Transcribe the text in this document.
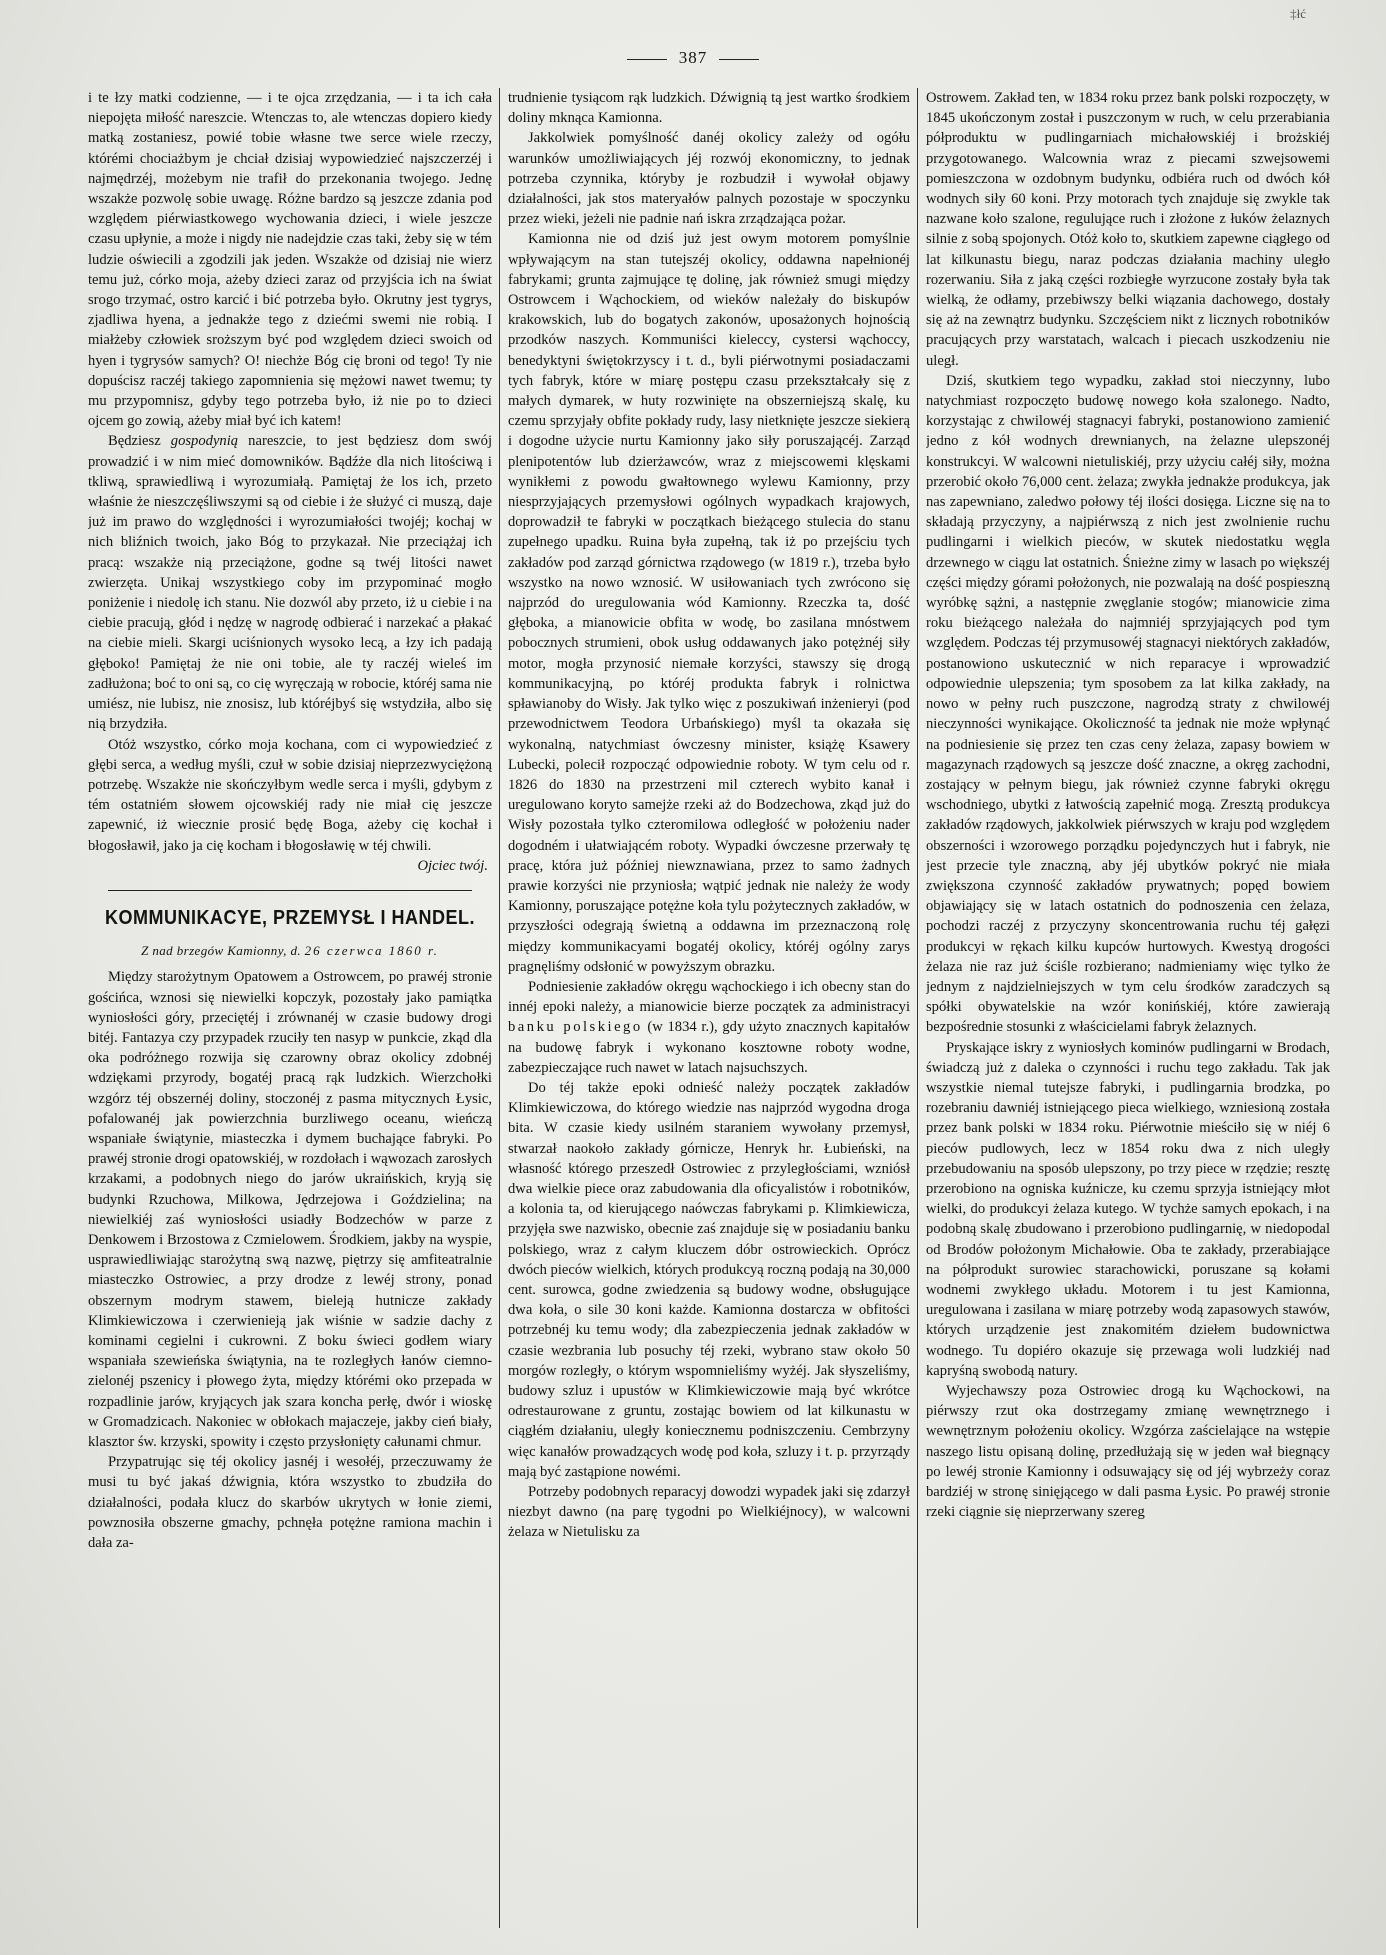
‡łć
387

i te łzy matki codzienne, — i te ojca zrzędzania, — i ta ich cała niepojęta miłość nareszcie. Wtenczas to, ale wtenczas dopiero kiedy matką zostaniesz, powié tobie własne twe serce wiele rzeczy, którémi chociażbym je chciał dzisiaj wypowiedzieć najszczerzéj i najmędrzéj, możebym nie trafił do przekonania twojego. Jednę wszakże pozwolę sobie uwagę. Różne bardzo są jeszcze zdania pod względem piérwiastkowego wychowania dzieci, i wiele jeszcze czasu upłynie, a może i nigdy nie nadejdzie czas taki, żeby się w tém ludzie oświecili a zgodzili jak jeden. Wszakże od dzisiaj nie wierz temu już, córko moja, ażeby dzieci zaraz od przyjścia ich na świat srogo trzymać, ostro karcić i bić potrzeba było. Okrutny jest tygrys, zjadliwa hyena, a jednakże tego z dziećmi swemi nie robią. I miałżeby człowiek sroższym być pod względem dzieci swoich od hyen i tygrysów samych? O! niechże Bóg cię broni od tego! Ty nie dopuścisz raczéj takiego zapomnienia się mężowi nawet twemu; ty mu przypomnisz, gdyby tego potrzeba było, iż nie po to dzieci ojcem go zowią, ażeby miał być ich katem!

Będziesz gospodynią nareszcie, to jest będziesz dom swój prowadzić i w nim mieć domowników. Bądźże dla nich litościwą i tkliwą, sprawiedliwą i wyrozumiałą. Pamiętaj że los ich, przeto właśnie że nieszczęśliwszymi są od ciebie i że służyć ci muszą, daje już im prawo do względności i wyrozumiałości twojéj; kochaj w nich bliźnich twoich, jako Bóg to przykazał. Nie przeciążaj ich pracą: wszakże nią przeciążone, godne są twéj litości nawet zwierzęta. Unikaj wszystkiego coby im przypominać mogło poniżenie i niedolę ich stanu. Nie dozwól aby przeto, iż u ciebie i na ciebie pracują, głód i nędzę w nagrodę odbierać i narzekać a płakać na ciebie mieli. Skargi uciśnionych wysoko lecą, a łzy ich padają głęboko! Pamiętaj że nie oni tobie, ale ty raczéj wieleś im zadłużona; boć to oni są, co cię wyręczają w robocie, któréj sama nie umiész, nie lubisz, nie znosisz, lub któréjbyś się wstydziła, albo się nią brzydziła.

Otóż wszystko, córko moja kochana, com ci wypowiedzieć z głębi serca, a według myśli, czuł w sobie dzisiaj nieprzezwyciężoną potrzebę. Wszakże nie skończyłbym wedle serca i myśli, gdybym z tém ostatniém słowem ojcowskiéj rady nie miał cię jeszcze zapewnić, iż wiecznie prosić będę Boga, ażeby cię kochał i błogosławił, jako ja cię kocham i błogosławię w téj chwili.

Ojciec twój.
KOMMUNIKACYE, PRZEMYSŁ I HANDEL.
Z nad brzegów Kamionny, d. 26 czerwca 1860 r.

Między starożytnym Opatowem a Ostrowcem, po prawéj stronie gościńca, wznosi się niewielki kopczyk, pozostały jako pamiątka wyniosłości góry, przeciętéj i zrównanéj w czasie budowy drogi bitéj. Fantazya czy przypadek rzuciły ten nasyp w punkcie, zkąd dla oka podróżnego rozwija się czarowny obraz okolicy zdobnéj wdziękami przyrody, bogatéj pracą rąk ludzkich. Wierzchołki wzgórz téj obszernéj doliny, stoczonéj z pasma mitycznych Łysic, pofalowanéj jak powierzchnia burzliwego oceanu, wieńczą wspaniałe świątynie, miasteczka i dymem buchające fabryki. Po prawéj stronie drogi opatowskiéj, w rozdołach i wąwozach zarosłych krzakami, a podobnych niego do jarów ukraińskich, kryją się budynki Rzuchowa, Milkowa, Jędrzejowa i Goździelina; na niewielkiéj zaś wyniosłości usiadły Bodzechów w parze z Denkowem i Brzostowa z Czmielowem. Środkiem, jakby na wyspie, usprawiedliwiając starożytną swą nazwę, piętrzy się amfiteatralnie miasteczko Ostrowiec, a przy drodze z lewéj strony, ponad obszernym modrym stawem, bieleją hutnicze zakłady Klimkiewiczowa i czerwienieją jak wiśnie w sadzie dachy z kominami cegielni i cukrowni. Z boku świeci godłem wiary wspaniała szewieńska świątynia, na te rozległych łanów ciemno-zielonéj pszenicy i płowego żyta, między którémi oko przepada w rozpadlinie jarów, kryjących jak szara koncha perłę, dwór i wioskę w Gromadzicach. Nakoniec w obłokach majaczeje, jakby cień biały, klasztor św. krzyski, spowity i często przysłonięty całunami chmur.

Przypatrując się téj okolicy jasnéj i wesołéj, przeczuwamy że musi tu być jakaś dźwignia, która wszystko to zbudziła do działalności, podała klucz do skarbów ukrytych w łonie ziemi, powznosiła obszerne gmachy, pchnęła potężne ramiona machin i dała za-

trudnienie tysiącom rąk ludzkich. Dźwignią tą jest wartko środkiem doliny mknąca Kamionna.

Jakkolwiek pomyślność danéj okolicy zależy od ogółu warunków umożliwiających jéj rozwój ekonomiczny, to jednak potrzeba czynnika, któryby je rozbudził i wywołał objawy działalności, jak stos materyałów palnych pozostaje w spoczynku przez wieki, jeżeli nie padnie nań iskra zrządzająca pożar.

Kamionna nie od dziś już jest owym motorem pomyślnie wpływającym na stan tutejszéj okolicy, oddawna napełnionéj fabrykami; grunta zajmujące tę dolinę, jak również smugi między Ostrowcem i Wąchockiem, od wieków należały do biskupów krakowskich, lub do bogatych zakonów, uposażonych hojnością przodków naszych. Kommuniści kieleccy, cystersi wąchoccy, benedyktyni świętokrzyscy i t. d., byli piérwotnymi posiadaczami tych fabryk, które w miarę postępu czasu przekształcały się z małych dymarek, w huty rozwinięte na obszerniejszą skalę, ku czemu sprzyjały obfite pokłady rudy, lasy nietknięte jeszcze siekierą i dogodne użycie nurtu Kamionny jako siły poruszającéj. Zarząd plenipotentów lub dzierżawców, wraz z miejscowemi klęskami wynikłemi z powodu gwałtownego wylewu Kamionny, przy niesprzyjających przemysłowi ogólnych wypadkach krajowych, doprowadził te fabryki w początkach bieżącego stulecia do stanu zupełnego upadku. Ruina była zupełną, tak iż po przejściu tych zakładów pod zarząd górnictwa rządowego (w 1819 r.), trzeba było wszystko na nowo wznosić. W usiłowaniach tych zwrócono się najprzód do uregulowania wód Kamionny. Rzeczka ta, dość głęboka, a mianowicie obfita w wodę, bo zasilana mnóstwem pobocznych strumieni, obok usług oddawanych jako potężnéj siły motor, mogła przynosić niemałe korzyści, stawszy się drogą kommunikacyjną, po któréj produkta fabryk i rolnictwa spławianoby do Wisły. Jak tylko więc z poszukiwań inżenieryi (pod przewodnictwem Teodora Urbańskiego) myśl ta okazała się wykonalną, natychmiast ówczesny minister, książę Ksawery Lubecki, polecił rozpocząć odpowiednie roboty. W tym celu od r. 1826 do 1830 na przestrzeni mil czterech wybito kanał i uregulowano koryto samejże rzeki aż do Bodzechowa, zkąd już do Wisły pozostała tylko czteromilowa odległość w położeniu nader dogodném i ułatwiającém roboty. Wypadki ówczesne przerwały tę pracę, która już później niewznawiana, przez to samo żadnych prawie korzyści nie przyniosła; wątpić jednak nie należy że wody Kamionny, poruszające potężne koła tylu pożytecznych zakładów, w przyszłości odegrają świetną a oddawna im przeznaczoną rolę między kommunikacyami bogatéj okolicy, któréj ogólny zarys pragnęliśmy odsłonić w powyższym obrazku.

Podniesienie zakładów okręgu wąchockiego i ich obecny stan do innéj epoki należy, a mianowicie bierze początek za administracyi banku polskiego (w 1834 r.), gdy użyto znacznych kapitałów na budowę fabryk i wykonano kosztowne roboty wodne, zabezpieczające ruch nawet w latach najsuchszych.

Do téj także epoki odnieść należy początek zakładów Klimkiewiczowa, do którego wiedzie nas najprzód wygodna droga bita. W czasie kiedy usilném staraniem wywołany przemysł, stwarzał naokoło zakłady górnicze, Henryk hr. Łubieński, na własność którego przeszedł Ostrowiec z przyległościami, wzniósł dwa wielkie piece oraz zabudowania dla oficyalistów i robotników, a kolonia ta, od kierującego naówczas fabrykami p. Klimkiewicza, przyjęła swe nazwisko, obecnie zaś znajduje się w posiadaniu banku polskiego, wraz z całym kluczem dóbr ostrowieckich. Oprócz dwóch pieców wielkich, których produkcyą roczną podają na 30,000 cent. surowca, godne zwiedzenia są budowy wodne, obsługujące dwa koła, o sile 30 koni każde. Kamionna dostarcza w obfitości potrzebnéj ku temu wody; dla zabezpieczenia jednak zakładów w czasie wezbrania lub posuchy téj rzeki, wybrano staw około 50 morgów rozległy, o którym wspomnieliśmy wyżéj. Jak słyszeliśmy, budowy szluz i upustów w Klimkiewiczowie mają być wkrótce odrestaurowane z gruntu, zostając bowiem od lat kilkunastu w ciągłém działaniu, uległy koniecznemu podniszczeniu. Cembrzyny więc kanałów prowadzących wodę pod koła, szluzy i t. p. przyrządy mają być zastąpione nowémi.

Potrzeby podobnych reparacyj dowodzi wypadek jaki się zdarzył niezbyt dawno (na parę tygodni po Wielkiéjnocy), w walcowni żelaza w Nietulisku za

Ostrowem. Zakład ten, w 1834 roku przez bank polski rozpoczęty, w 1845 ukończonym został i puszczonym w ruch, w celu przerabiania półproduktu w pudlingarniach michałowskiéj i brożskiéj przygotowanego. Walcownia wraz z piecami szwejsowemi pomieszczona w ozdobnym budynku, odbiéra ruch od dwóch kół wodnych siły 60 koni. Przy motorach tych znajduje się zwykle tak nazwane koło szalone, regulujące ruch i złożone z łuków żelaznych silnie z sobą spojonych. Otóż koło to, skutkiem zapewne ciągłego od lat kilkunastu biegu, naraz podczas działania machiny uległo rozerwaniu. Siła z jaką części rozbiegłe wyrzucone zostały była tak wielką, że odłamy, przebiwszy belki wiązania dachowego, dostały się aż na zewnątrz budynku. Szczęściem nikt z licznych robotników pracujących przy warstatach, walcach i piecach uszkodzeniu nie uległ.

Dziś, skutkiem tego wypadku, zakład stoi nieczynny, lubo natychmiast rozpoczęto budowę nowego koła szalonego. Nadto, korzystając z chwilowéj stagnacyi fabryki, postanowiono zamienić jedno z kół wodnych drewnianych, na żelazne ulepszonéj konstrukcyi. W walcowni nietuliskiéj, przy użyciu całéj siły, można przerobić około 76,000 cent. żelaza; zwykła jednakże produkcya, jak nas zapewniano, zaledwo połowy téj ilości dosięga. Liczne się na to składają przyczyny, a najpiérwszą z nich jest zwolnienie ruchu pudlingarni i wielkich pieców, w skutek niedostatku węgla drzewnego w ciągu lat ostatnich. Śnieżne zimy w lasach po większéj części między górami położonych, nie pozwalają na dość pospieszną wyróbkę sążni, a następnie zwęglanie stogów; mianowicie zima roku bieżącego należała do najmniéj sprzyjających pod tym względem. Podczas téj przymusowéj stagnacyi niektórych zakładów, postanowiono uskutecznić w nich reparacye i wprowadzić odpowiednie ulepszenia; tym sposobem za lat kilka zakłady, na nowo w pełny ruch puszczone, nagrodzą straty z chwilowéj nieczynności wynikające. Okoliczność ta jednak nie może wpłynąć na podniesienie się przez ten czas ceny żelaza, zapasy bowiem w magazynach rządowych są jeszcze dość znaczne, a okręg zachodni, zostający w pełnym biegu, jak również czynne fabryki okręgu wschodniego, ubytki z łatwością zapełnić mogą. Zresztą produkcya zakładów rządowych, jakkolwiek piérwszych w kraju pod względem obszerności i wzorowego porządku pojedynczych hut i fabryk, nie jest przecie tyle znaczną, aby jéj ubytków pokryć nie miała zwiększona czynność zakładów prywatnych; popęd bowiem objawiający się w latach ostatnich do podnoszenia cen żelaza, pochodzi raczéj z przyczyny skoncentrowania ruchu téj gałęzi produkcyi w rękach kilku kupców hurtowych. Kwestyą drogości żelaza nie raz już ściśle rozbierano; nadmieniamy więc tylko że jednym z najdzielniejszych w tym celu środków zaradczych są spółki obywatelskie na wzór konińskiéj, które zawierają bezpośrednie stosunki z właścicielami fabryk żelaznych.

Pryskające iskry z wyniosłych kominów pudlingarni w Brodach, świadczą już z daleka o czynności i ruchu tego zakładu. Tak jak wszystkie niemal tutejsze fabryki, i pudlingarnia brodzka, po rozebraniu dawniéj istniejącego pieca wielkiego, wzniesioną została przez bank polski w 1834 roku. Piérwotnie mieściło się w niéj 6 pieców pudlowych, lecz w 1854 roku dwa z nich uległy przebudowaniu na sposób ulepszony, po trzy piece w rzędzie; resztę przerobiono na ogniska kuźnicze, ku czemu sprzyja istniejący młot wielki, do produkcyi żelaza kutego. W tychże samych epokach, i na podobną skalę zbudowano i przerobiono pudlingarnię, w niedopodal od Brodów położonym Michałowie. Oba te zakłady, przerabiające na półprodukt surowiec starachowicki, poruszane są kołami wodnemi zwykłego układu. Motorem i tu jest Kamionna, uregulowana i zasilana w miarę potrzeby wodą zapasowych stawów, których urządzenie jest znakomitém dziełem budownictwa wodnego. Tu dopiéro okazuje się przewaga woli ludzkiéj nad kapryśną swobodą natury.

Wyjechawszy poza Ostrowiec drogą ku Wąchockowi, na piérwszy rzut oka dostrzegamy zmianę wewnętrznego i wewnętrznym położeniu okolicy. Wzgórza zaścielające na wstępie naszego listu opisaną dolinę, przedłużają się w jeden wał biegnący po lewéj stronie Kamionny i odsuwający się od jéj wybrzeży coraz bardziéj w stronę sinięjącego w dali pasma Łysic. Po prawéj stronie rzeki ciągnie się nieprzerwany szereg
